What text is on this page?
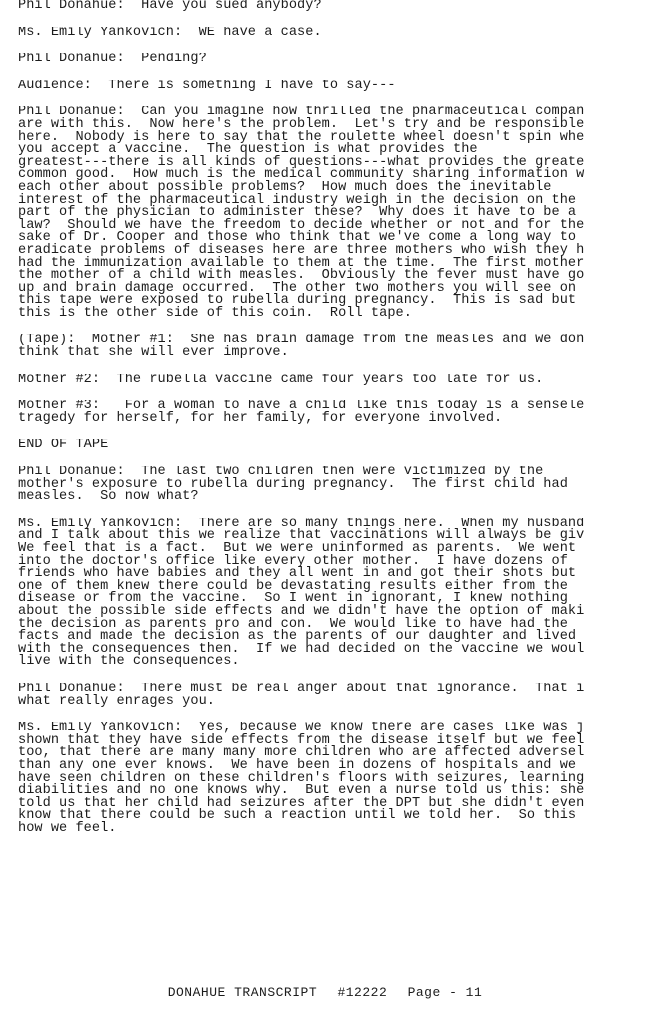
Phil Donahue:  Have you sued anybody?
Ms. Emily Yankovich:  WE have a case.
Phil Donahue:  Pending?
Audience:  There is something I have to say---
Phil Donahue:  Can you imagine how thrilled the pharmaceutical compan
are with this.  Now here's the problem.  Let's try and be responsible
here.  Nobody is here to say that the roulette wheel doesn't spin whe
you accept a vaccine.  The question is what provides the
greatest---there is all kinds of questions---what provides the greate
common good.  How much is the medical community sharing information w
each other about possible problems?  How much does the inevitable
interest of the pharmaceutical industry weigh in the decision on the
part of the physician to administer these?  Why does it have to be a
law?  Should we have the freedom to decide whether or not and for the
sake of Dr. Cooper and those who think that we've come a long way to
eradicate problems of diseases here are three mothers who wish they h
had the immunization available to them at the time.  The first mother
the mother of a child with measles.  Obviously the fever must have go
up and brain damage occurred.  The other two mothers you will see on
this tape were exposed to rubella during pregnancy.  This is sad but
this is the other side of this coin.  Roll tape.
(Tape):  Mother #1:  She has brain damage from the measles and we don
think that she will ever improve.
Mother #2:  The rubella vaccine came four years too late for us.
Mother #3:   For a woman to have a child like this today is a sensele
tragedy for herself, for her family, for everyone involved.
END OF TAPE
Phil Donahue:  The last two children then were victimized by the
mother's exposure to rubella during pregnancy.  The first child had
measles.  So now what?
Ms. Emily Yankovich:  There are so many things here.  When my husband
and I talk about this we realize that vaccinations will always be giv
We feel that is a fact.  But we were uninformed as parents.  We went
into the doctor's office like every other mother.  I have dozens of
friends who have babies and they all went in and got their shots but
one of them knew there could be devastating results either from the
disease or from the vaccine.  So I went in ignorant, I knew nothing
about the possible side effects and we didn't have the option of maki
the decision as parents pro and con.  We would like to have had the
facts and made the decision as the parents of our daughter and lived
with the consequences then.  If we had decided on the vaccine we woul
live with the consequences.
Phil Donahue:  There must be real anger about that ignorance.  That i
what really enrages you.
Ms. Emily Yankovich:  Yes, because we know there are cases like was j
shown that they have side effects from the disease itself but we feel
too, that there are many many more children who are affected adversel
than any one ever knows.  We have been in dozens of hospitals and we
have seen children on these children's floors with seizures, learning
diabilities and no one knows why.  But even a nurse told us this: she
told us that her child had seizures after the DPT but she didn't even
know that there could be such a reaction until we told her.  So this
how we feel.
DONAHUE TRANSCRIPT #12222 Page - 11
